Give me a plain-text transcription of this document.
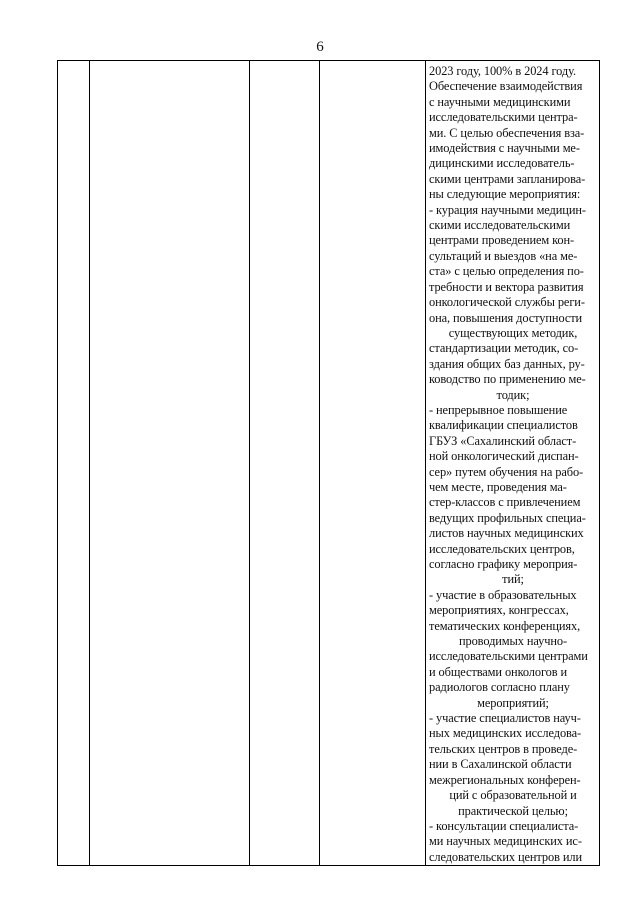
6

2023 году, 100% в 2024 году.
Обеспечение взаимодействия
с научными медицинскими
исследовательскими центра-
ми. С целью обеспечения вза-
имодействия с научными ме-
дицинскими исследователь-
скими центрами запланирова-
ны следующие мероприятия:
- курация научными медицин-
скими исследовательскими
центрами проведением кон-
сультаций и выездов «на ме-
ста» с целью определения по-
требности и вектора развития
онкологической службы реги-
она, повышения доступности
существующих методик,
стандартизации методик, со-
здания общих баз данных, ру-
ководство по применению ме-
тодик;
- непрерывное повышение
квалификации специалистов
ГБУЗ «Сахалинский област-
ной онкологический диспан-
сер» путем обучения на рабо-
чем месте, проведения ма-
стер-классов с привлечением
ведущих профильных специа-
листов научных медицинских
исследовательских центров,
согласно графику мероприя-
тий;
- участие в образовательных
мероприятиях, конгрессах,
тематических конференциях,
проводимых научно-
исследовательскими центрами
и обществами онкологов и
радиологов согласно плану
мероприятий;
- участие специалистов науч-
ных медицинских исследова-
тельских центров в проведе-
нии в Сахалинской области
межрегиональных конферен-
ций с образовательной и
практической целью;
- консультации специалиста-
ми научных медицинских ис-
следовательских центров или
